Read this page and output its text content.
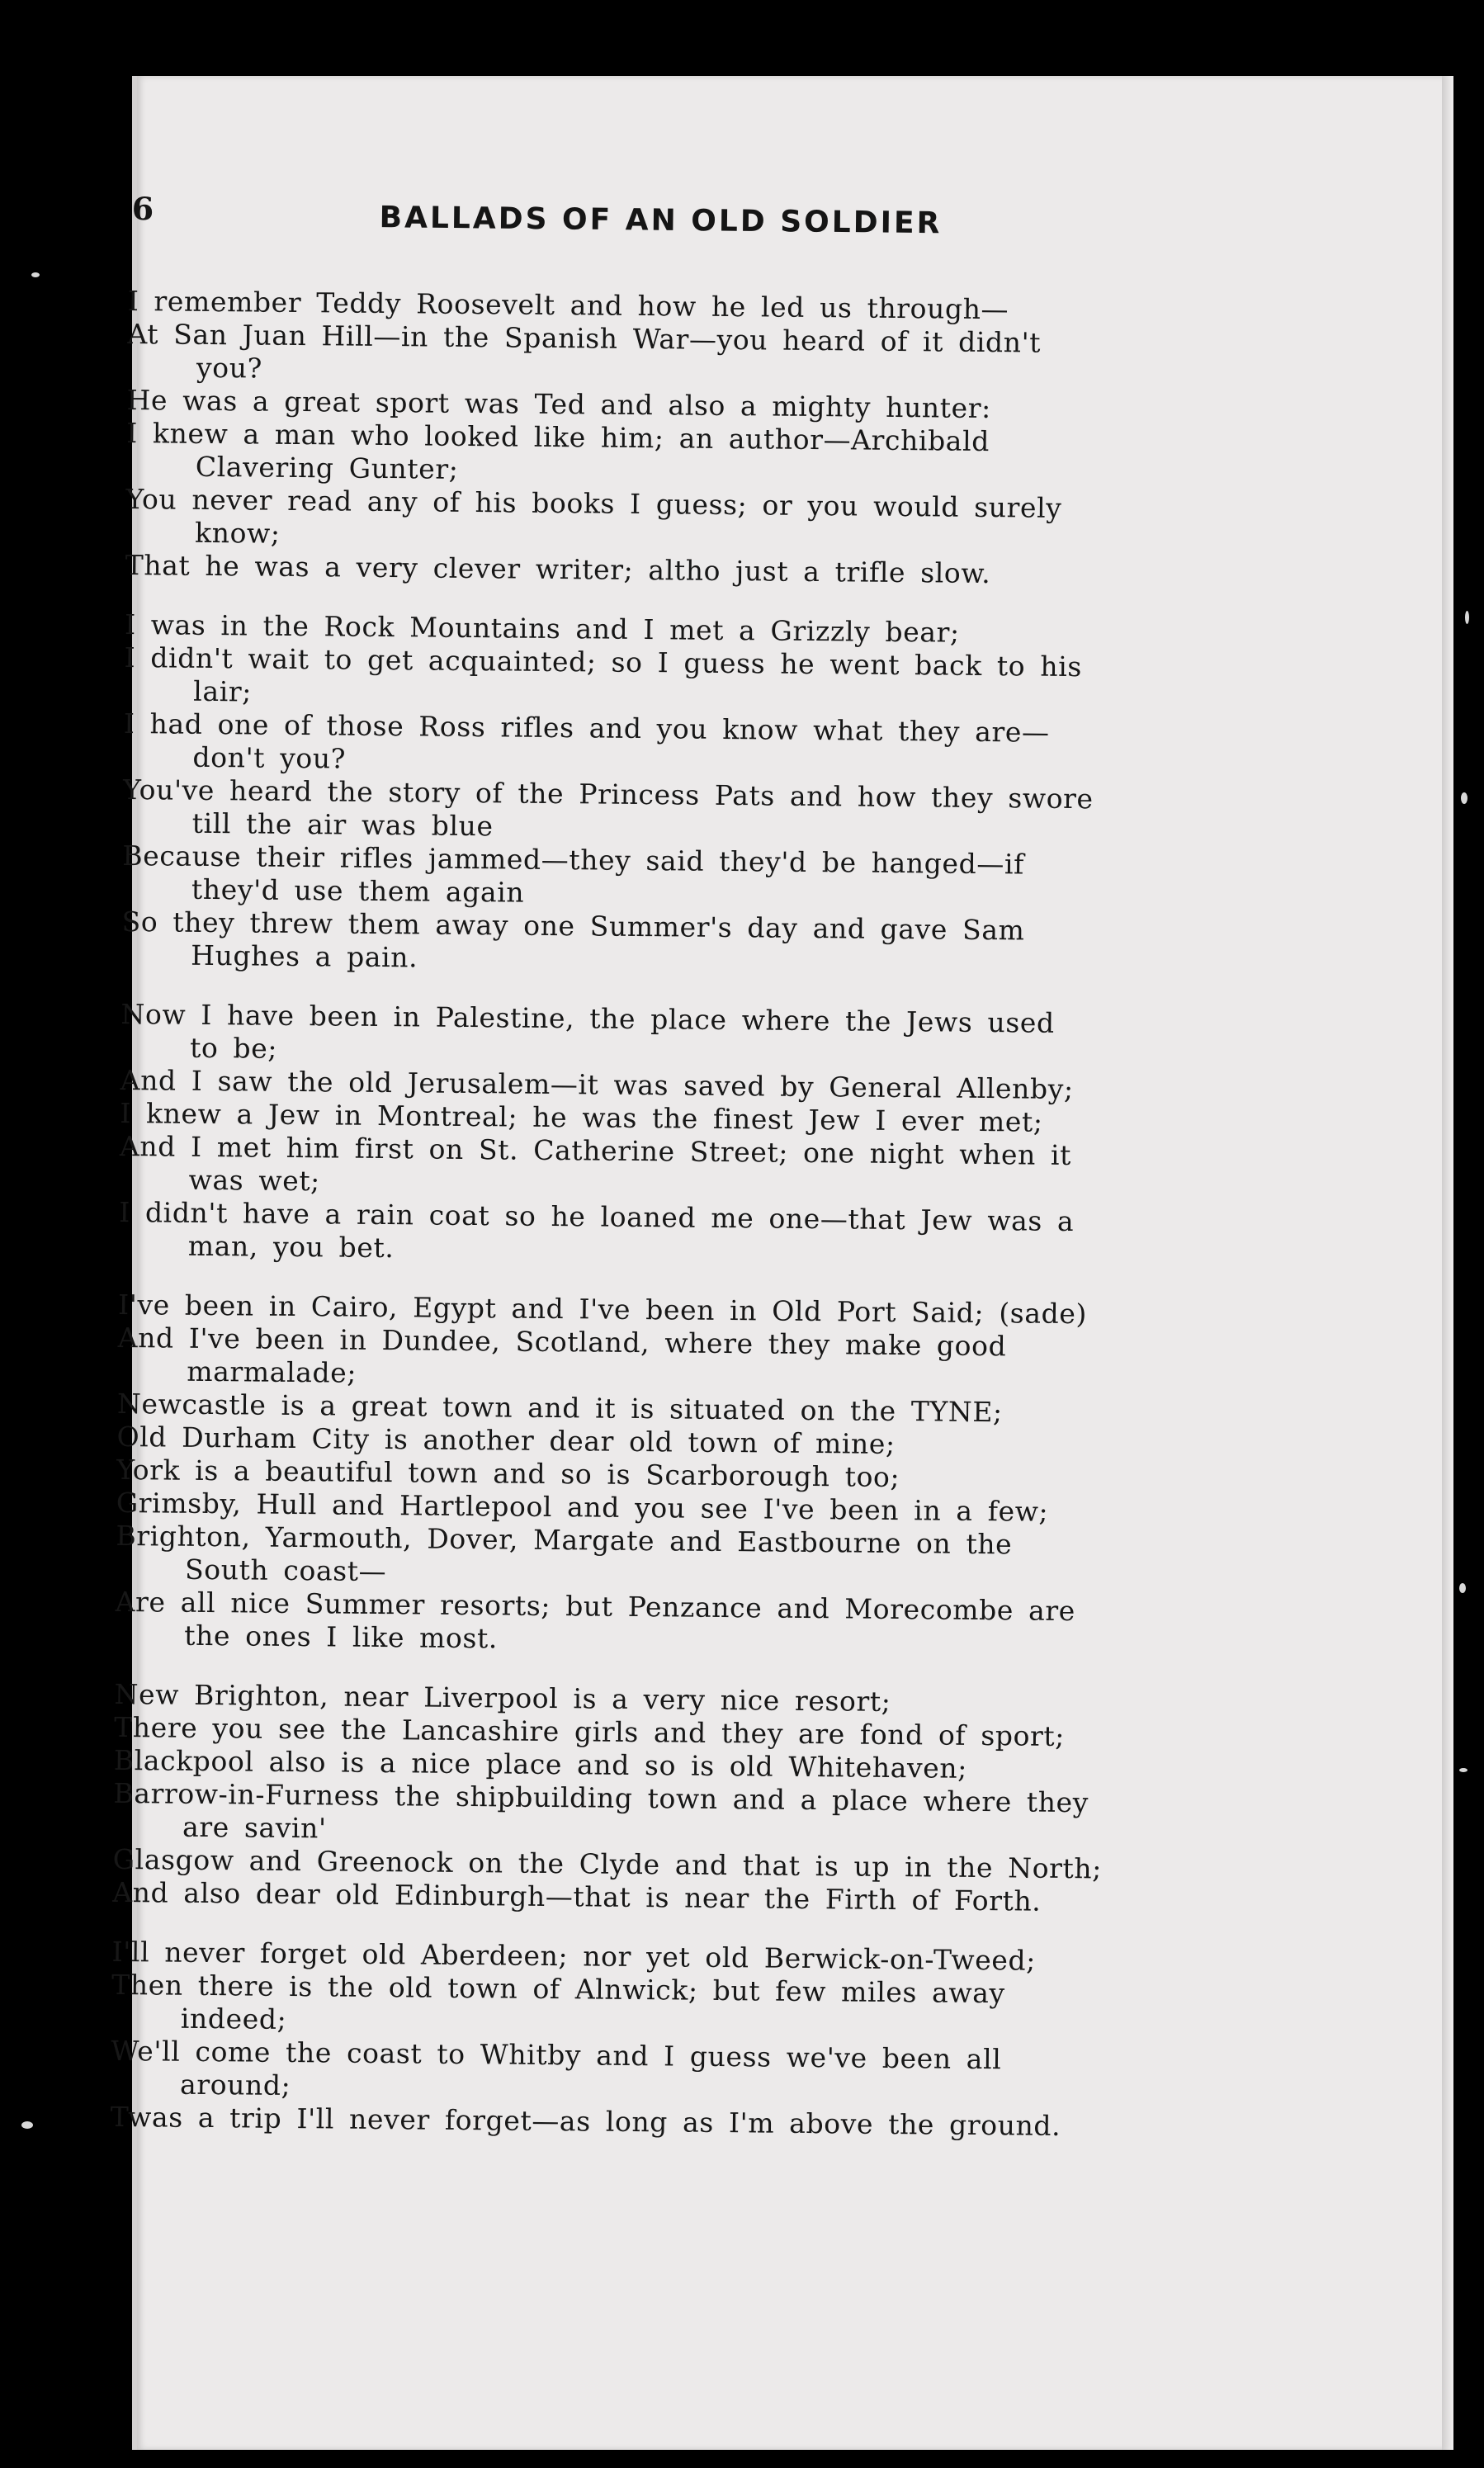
6	BALLADS OF AN OLD SOLDIER
I remember Teddy Roosevelt and how he led us through—
At San Juan Hill—in the Spanish War—you heard of it didn't
you?
He was a great sport was Ted and also a mighty hunter:
I knew a man who looked like him; an author—Archibald
Clavering Gunter;
You never read any of his books I guess; or you would surely
know;
That he was a very clever writer; altho just a trifle slow.
I was in the Rock Mountains and I met a Grizzly bear;
I didn't wait to get acquainted; so I guess he went back to his
lair;
I had one of those Ross rifles and you know what they are—
don't you?
You've heard the story of the Princess Pats and how they swore
till the air was blue
Because their rifles jammed—they said they'd be hanged—if
they'd use them again
So they threw them away one Summer's day and gave Sam
Hughes a pain.
Now I have been in Palestine, the place where the Jews used
to be;
And I saw the old Jerusalem—it was saved by General Allenby;
I knew a Jew in Montreal; he was the finest Jew I ever met;
And I met him first on St. Catherine Street; one night when it
was wet;
I didn't have a rain coat so he loaned me one—that Jew was a
man, you bet.
I've been in Cairo, Egypt and I've been in Old Port Said; (sade)
And I've been in Dundee, Scotland, where they make good
marmalade;
Newcastle is a great town and it is situated on the TYNE;
Old Durham City is another dear old town of mine;
York is a beautiful town and so is Scarborough too;
Grimsby, Hull and Hartlepool and you see I've been in a few;
Brighton, Yarmouth, Dover, Margate and Eastbourne on the
South coast—
Are all nice Summer resorts; but Penzance and Morecombe are
the ones I like most.
New Brighton, near Liverpool is a very nice resort;
There you see the Lancashire girls and they are fond of sport;
Blackpool also is a nice place and so is old Whitehaven;
Barrow-in-Furness the shipbuilding town and a place where they
are savin'
Glasgow and Greenock on the Clyde and that is up in the North;
And also dear old Edinburgh—that is near the Firth of Forth.
I'll never forget old Aberdeen; nor yet old Berwick-on-Tweed;
Then there is the old town of Alnwick; but few miles away
indeed;
We'll come the coast to Whitby and I guess we've been all
around;
Twas a trip I'll never forget—as long as I'm above the ground.
